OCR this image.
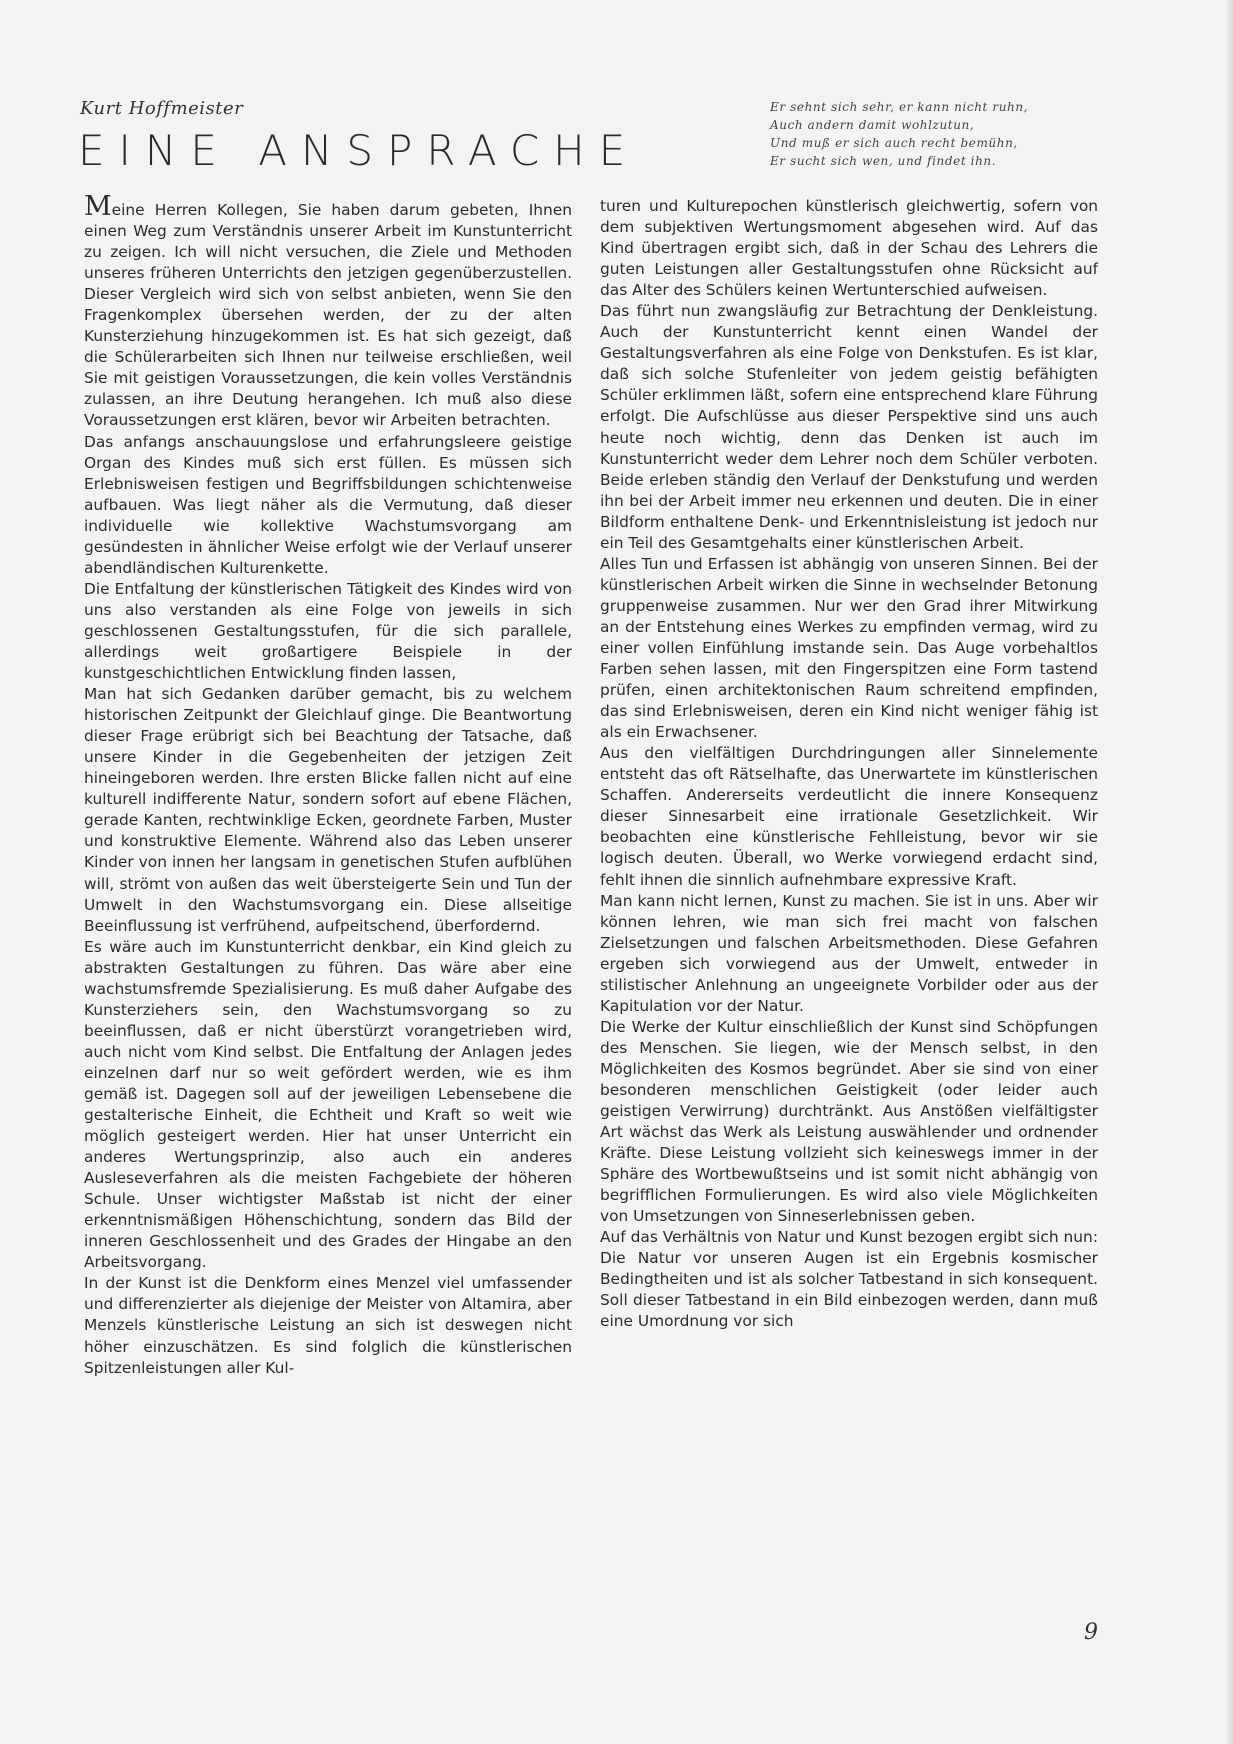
Kurt Hoffmeister
EINE ANSPRACHE

Er sehnt sich sehr, er kann nicht ruhn,

Auch andern damit wohlzutun,

Und muß er sich auch recht bemühn,

Er sucht sich wen, und findet ihn.

Meine Herren Kollegen, Sie haben darum gebeten, Ihnen einen Weg zum Verständnis unserer Arbeit im Kunstunterricht zu zeigen. Ich will nicht versuchen, die Ziele und Methoden unseres früheren Unterrichts den jetzigen gegenüberzustellen. Dieser Vergleich wird sich von selbst anbieten, wenn Sie den Fragenkomplex übersehen werden, der zu der alten Kunsterziehung hinzugekommen ist. Es hat sich gezeigt, daß die Schülerarbeiten sich Ihnen nur teilweise erschließen, weil Sie mit geistigen Voraussetzungen, die kein volles Verständnis zulassen, an ihre Deutung herangehen. Ich muß also diese Voraussetzungen erst klären, bevor wir Arbeiten betrachten.

Das anfangs anschauungslose und erfahrungsleere geistige Organ des Kindes muß sich erst füllen. Es müssen sich Erlebnisweisen festigen und Begriffsbildungen schichtenweise aufbauen. Was liegt näher als die Vermutung, daß dieser individuelle wie kollektive Wachstumsvorgang am gesündesten in ähnlicher Weise erfolgt wie der Verlauf unserer abendländischen Kulturenkette.

Die Entfaltung der künstlerischen Tätigkeit des Kindes wird von uns also verstanden als eine Folge von jeweils in sich geschlossenen Gestaltungsstufen, für die sich parallele, allerdings weit großartigere Beispiele in der kunstgeschichtlichen Entwicklung finden lassen,

Man hat sich Gedanken darüber gemacht, bis zu welchem historischen Zeitpunkt der Gleichlauf ginge. Die Beantwortung dieser Frage erübrigt sich bei Beachtung der Tatsache, daß unsere Kinder in die Gegebenheiten der jetzigen Zeit hineingeboren werden. Ihre ersten Blicke fallen nicht auf eine kulturell indifferente Natur, sondern sofort auf ebene Flächen, gerade Kanten, rechtwinklige Ecken, geordnete Farben, Muster und konstruktive Elemente. Während also das Leben unserer Kinder von innen her langsam in genetischen Stufen aufblühen will, strömt von außen das weit übersteigerte Sein und Tun der Umwelt in den Wachstumsvorgang ein. Diese allseitige Beeinflussung ist verfrühend, aufpeitschend, überfordernd.

Es wäre auch im Kunstunterricht denkbar, ein Kind gleich zu abstrakten Gestaltungen zu führen. Das wäre aber eine wachstumsfremde Spezialisierung. Es muß daher Aufgabe des Kunsterziehers sein, den Wachstumsvorgang so zu beeinflussen, daß er nicht überstürzt vorangetrieben wird, auch nicht vom Kind selbst. Die Entfaltung der Anlagen jedes einzelnen darf nur so weit gefördert werden, wie es ihm gemäß ist. Dagegen soll auf der jeweiligen Lebensebene die gestalterische Einheit, die Echtheit und Kraft so weit wie möglich gesteigert werden. Hier hat unser Unterricht ein anderes Wertungsprinzip, also auch ein anderes Ausleseverfahren als die meisten Fachgebiete der höheren Schule. Unser wichtigster Maßstab ist nicht der einer erkenntnismäßigen Höhenschichtung, sondern das Bild der inneren Geschlossenheit und des Grades der Hingabe an den Arbeitsvorgang.

In der Kunst ist die Denkform eines Menzel viel umfassender und differenzierter als diejenige der Meister von Altamira, aber Menzels künstlerische Leistung an sich ist deswegen nicht höher einzuschätzen. Es sind folglich die künstlerischen Spitzenleistungen aller Kul-

turen und Kulturepochen künstlerisch gleichwertig, sofern von dem subjektiven Wertungsmoment abgesehen wird. Auf das Kind übertragen ergibt sich, daß in der Schau des Lehrers die guten Leistungen aller Gestaltungsstufen ohne Rücksicht auf das Alter des Schülers keinen Wertunterschied aufweisen.

Das führt nun zwangsläufig zur Betrachtung der Denkleistung. Auch der Kunstunterricht kennt einen Wandel der Gestaltungsverfahren als eine Folge von Denkstufen. Es ist klar, daß sich solche Stufenleiter von jedem geistig befähigten Schüler erklimmen läßt, sofern eine entsprechend klare Führung erfolgt. Die Aufschlüsse aus dieser Perspektive sind uns auch heute noch wichtig, denn das Denken ist auch im Kunstunterricht weder dem Lehrer noch dem Schüler verboten. Beide erleben ständig den Verlauf der Denkstufung und werden ihn bei der Arbeit immer neu erkennen und deuten. Die in einer Bildform enthaltene Denk- und Erkenntnisleistung ist jedoch nur ein Teil des Gesamtgehalts einer künstlerischen Arbeit.

Alles Tun und Erfassen ist abhängig von unseren Sinnen. Bei der künstlerischen Arbeit wirken die Sinne in wechselnder Betonung gruppenweise zusammen. Nur wer den Grad ihrer Mitwirkung an der Entstehung eines Werkes zu empfinden vermag, wird zu einer vollen Einfühlung imstande sein. Das Auge vorbehaltlos Farben sehen lassen, mit den Fingerspitzen eine Form tastend prüfen, einen architektonischen Raum schreitend empfinden, das sind Erlebnisweisen, deren ein Kind nicht weniger fähig ist als ein Erwachsener.

Aus den vielfältigen Durchdringungen aller Sinnelemente entsteht das oft Rätselhafte, das Unerwartete im künstlerischen Schaffen. Andererseits verdeutlicht die innere Konsequenz dieser Sinnesarbeit eine irrationale Gesetzlichkeit. Wir beobachten eine künstlerische Fehlleistung, bevor wir sie logisch deuten. Überall, wo Werke vorwiegend erdacht sind, fehlt ihnen die sinnlich aufnehmbare expressive Kraft.

Man kann nicht lernen, Kunst zu machen. Sie ist in uns. Aber wir können lehren, wie man sich frei macht von falschen Zielsetzungen und falschen Arbeitsmethoden. Diese Gefahren ergeben sich vorwiegend aus der Umwelt, entweder in stilistischer Anlehnung an ungeeignete Vorbilder oder aus der Kapitulation vor der Natur.

Die Werke der Kultur einschließlich der Kunst sind Schöpfungen des Menschen. Sie liegen, wie der Mensch selbst, in den Möglichkeiten des Kosmos begründet. Aber sie sind von einer besonderen menschlichen Geistigkeit (oder leider auch geistigen Verwirrung) durchtränkt. Aus Anstößen vielfältigster Art wächst das Werk als Leistung auswählender und ordnender Kräfte. Diese Leistung vollzieht sich keineswegs immer in der Sphäre des Wortbewußtseins und ist somit nicht abhängig von begrifflichen Formulierungen. Es wird also viele Möglichkeiten von Umsetzungen von Sinneserlebnissen geben.

Auf das Verhältnis von Natur und Kunst bezogen ergibt sich nun: Die Natur vor unseren Augen ist ein Ergebnis kosmischer Bedingtheiten und ist als solcher Tatbestand in sich konsequent. Soll dieser Tatbestand in ein Bild einbezogen werden, dann muß eine Umordnung vor sich

9
